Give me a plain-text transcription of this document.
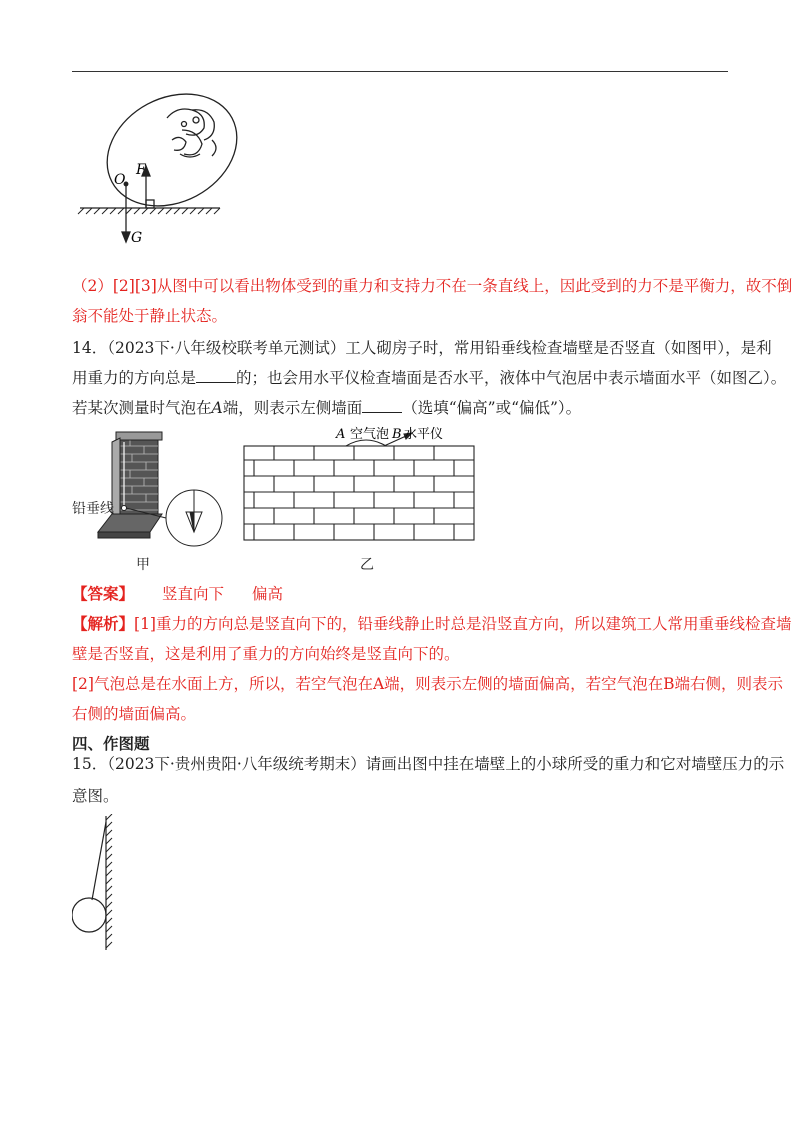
O
F
G
（2）[2][3]从图中可以看出物体受到的重力和支持力不在一条直线上，因此受到的力不是平衡力，故不倒
翁不能处于静止状态。
14．（2023下·八年级校联考单元测试）工人砌房子时，常用铅垂线检查墙壁是否竖直（如图甲），是利
用重力的方向总是	的；也会用水平仪检查墙面是否水平，液体中气泡居中表示墙面水平（如图乙）。
若某次测量时气泡在A端，则表示左侧墙面	（选填“偏高”或“偏低”）。
铅垂线
甲
A 空气泡 B 水平仪
乙
【答案】 竖直向下 偏高
【解析】[1]重力的方向总是竖直向下的，铅垂线静止时总是沿竖直方向，所以建筑工人常用重垂线检查墙
壁是否竖直，这是利用了重力的方向始终是竖直向下的。
[2]气泡总是在水面上方，所以，若空气泡在A端，则表示左侧的墙面偏高，若空气泡在B端右侧，则表示
右侧的墙面偏高。
四、作图题
15．（2023下·贵州贵阳·八年级统考期末）请画出图中挂在墙壁上的小球所受的重力和它对墙壁压力的示
意图。
